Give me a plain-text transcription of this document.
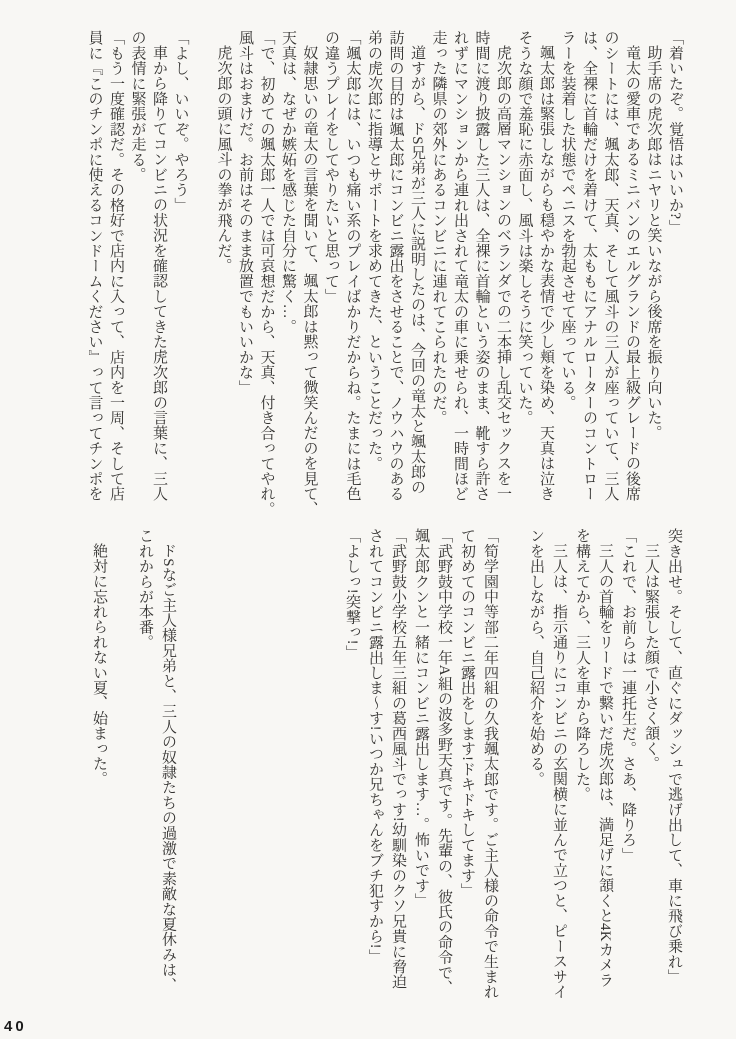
「着いたぞ。覚悟はいいか?」

助手席の虎次郎はニヤリと笑いながら後席を振り向いた。

竜太の愛車であるミニバンのエルグランドの最上級グレードの後席

のシートには、颯太郎、天真、そして風斗の三人が座っていて、三人

は、全裸に首輪だけを着けて、太ももにアナルローターのコントロー

ラーを装着した状態でペニスを勃起させて座っている。

颯太郎は緊張しながらも穏やかな表情で少し頬を染め、天真は泣き

そうな顔で羞恥に赤面し、風斗は楽しそうに笑っていた。

虎次郎の高層マンションのベランダでの二本挿し乱交セックスを一

時間に渡り披露した三人は、全裸に首輪という姿のまま、靴すら許さ

れずにマンションから連れ出されて竜太の車に乗せられ、一時間ほど

走った隣県の郊外にあるコンビニに連れてこられたのだ。

道すがら、ドS兄弟が三人に説明したのは、今回の竜太と颯太郎の

訪問の目的は颯太郎にコンビニ露出をさせることで、ノウハウのある

弟の虎次郎に指導とサポートを求めてきた、ということだった。

「颯太郎には、いつも痛い系のプレイばかりだからね。たまには毛色

の違うプレイをしてやりたいと思って」

奴隷思いの竜太の言葉を聞いて、颯太郎は黙って微笑んだのを見て、

天真は、なぜか嫉妬を感じた自分に驚く…。

「で、初めての颯太郎一人では可哀想だから、天真、付き合ってやれ。

風斗はおまけだ。お前はそのまま放置でもいいかな」

虎次郎の頭に風斗の拳が飛んだ。

「よし、いいぞ。やろう」

車から降りてコンビニの状況を確認してきた虎次郎の言葉に、三人

の表情に緊張が走る。

「もう一度確認だ。その格好で店内に入って、店内を一周、そして店

員に『このチンポに使えるコンドームください』って言ってチンポを

突き出せ。そして、直ぐにダッシュで逃げ出して、車に飛び乗れ」

三人は緊張した顔で小さく頷く。

「これで、お前らは一連托生だ。さあ、降りろ」

三人の首輪をリードで繋いだ虎次郎は、満足げに頷くと4Kカメラ

を構えてから、三人を車から降ろした。

三人は、指示通りにコンビニの玄関横に並んで立つと、ピースサイ

ンを出しながら、自己紹介を始める。

「筍学園中等部二年四組の久我颯太郎です。ご主人様の命令で生まれ

て初めてのコンビニ露出をします!ドキドキしてます」

「武野鼓中学校一年A組の波多野天真です。先輩の、彼氏の命令で、

颯太郎クンと一緒にコンビニ露出します…。怖いです」

「武野鼓小学校五年三組の葛西風斗でっす!幼馴染のクソ兄貴に脅迫

されてコンビニ露出しま〜す!いつか兄ちゃんをブチ犯すから!」

「よしっ!突撃っ!」

ドSなご主人様兄弟と、三人の奴隷たちの過激で素敵な夏休みは、

これからが本番。

絶対に忘れられない夏、始まった。

40
